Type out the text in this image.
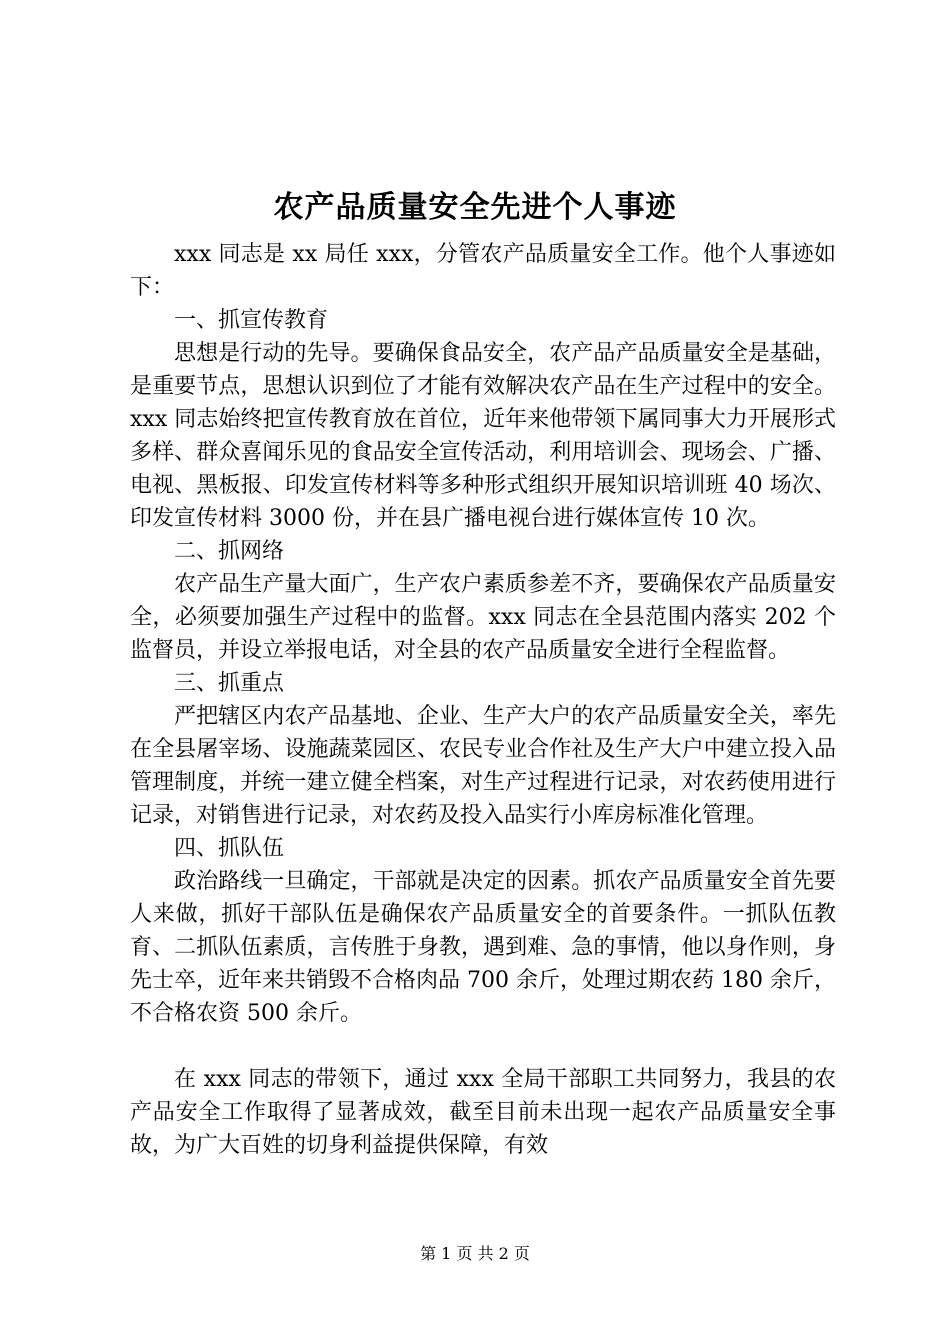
农产品质量安全先进个人事迹

xxx 同志是 xx 局任 xxx，分管农产品质量安全工作。他个人事迹如下：

一、抓宣传教育

思想是行动的先导。要确保食品安全，农产品产品质量安全是基础，是重要节点，思想认识到位了才能有效解决农产品在生产过程中的安全。xxx 同志始终把宣传教育放在首位，近年来他带领下属同事大力开展形式多样、群众喜闻乐见的食品安全宣传活动，利用培训会、现场会、广播、电视、黑板报、印发宣传材料等多种形式组织开展知识培训班 40 场次、印发宣传材料 3000 份，并在县广播电视台进行媒体宣传 10 次。

二、抓网络

农产品生产量大面广，生产农户素质参差不齐，要确保农产品质量安全，必须要加强生产过程中的监督。xxx 同志在全县范围内落实 202 个监督员，并设立举报电话，对全县的农产品质量安全进行全程监督。

三、抓重点

严把辖区内农产品基地、企业、生产大户的农产品质量安全关，率先在全县屠宰场、设施蔬菜园区、农民专业合作社及生产大户中建立投入品管理制度，并统一建立健全档案，对生产过程进行记录，对农药使用进行记录，对销售进行记录，对农药及投入品实行小库房标准化管理。

四、抓队伍

政治路线一旦确定，干部就是决定的因素。抓农产品质量安全首先要人来做，抓好干部队伍是确保农产品质量安全的首要条件。一抓队伍教育、二抓队伍素质，言传胜于身教，遇到难、急的事情，他以身作则，身先士卒，近年来共销毁不合格肉品 700 余斤，处理过期农药 180 余斤，不合格农资 500 余斤。

在 xxx 同志的带领下，通过 xxx 全局干部职工共同努力，我县的农产品安全工作取得了显著成效，截至目前未出现一起农产品质量安全事故，为广大百姓的切身利益提供保障，有效

第 1 页 共 2 页
